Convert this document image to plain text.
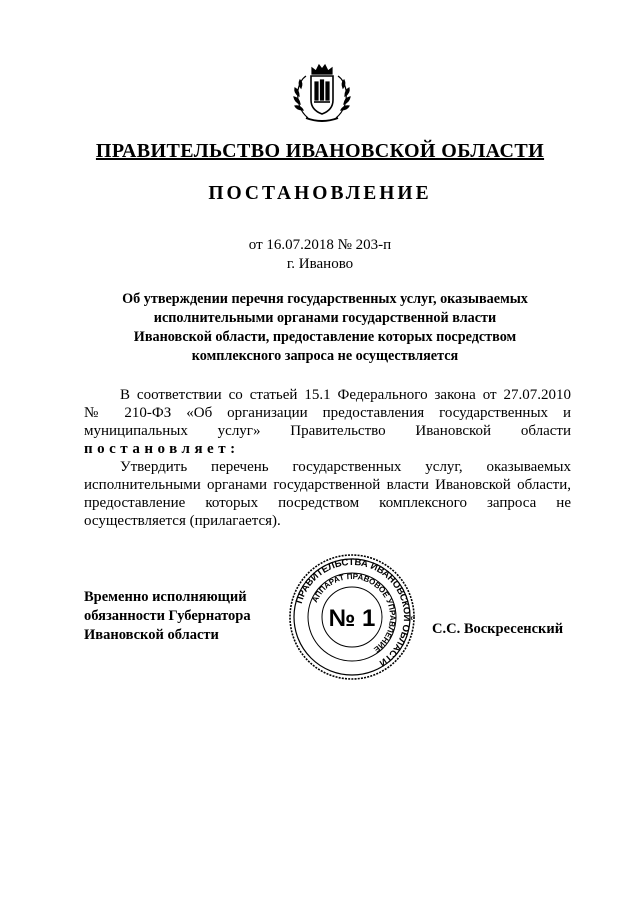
ПРАВИТЕЛЬСТВО ИВАНОВСКОЙ ОБЛАСТИ
ПОСТАНОВЛЕНИЕ
от 16.07.2018 № 203-п
г. Иваново
Об утверждении перечня государственных услуг, оказываемых
исполнительными органами государственной власти
Ивановской области, предоставление которых посредством
комплексного запроса не осуществляется
В соответствии со статьей 15.1 Федерального закона от 27.07.2010
№ 210-ФЗ «Об организации предоставления государственных и
муниципальных услуг» Правительство Ивановской области
постановляет:
Утвердить перечень государственных услуг, оказываемых
исполнительными органами государственной власти Ивановской области,
предоставление которых посредством комплексного запроса не
осуществляется (прилагается).
Временно исполняющий
обязанности Губернатора
Ивановской области
ПРАВИТЕЛЬСТВА ИВАНОВСКОЙ ОБЛАСТИ
АППАРАТ ПРАВОВОЕ УПРАВЛЕНИЕ
№ 1	С.С. Воскресенский
